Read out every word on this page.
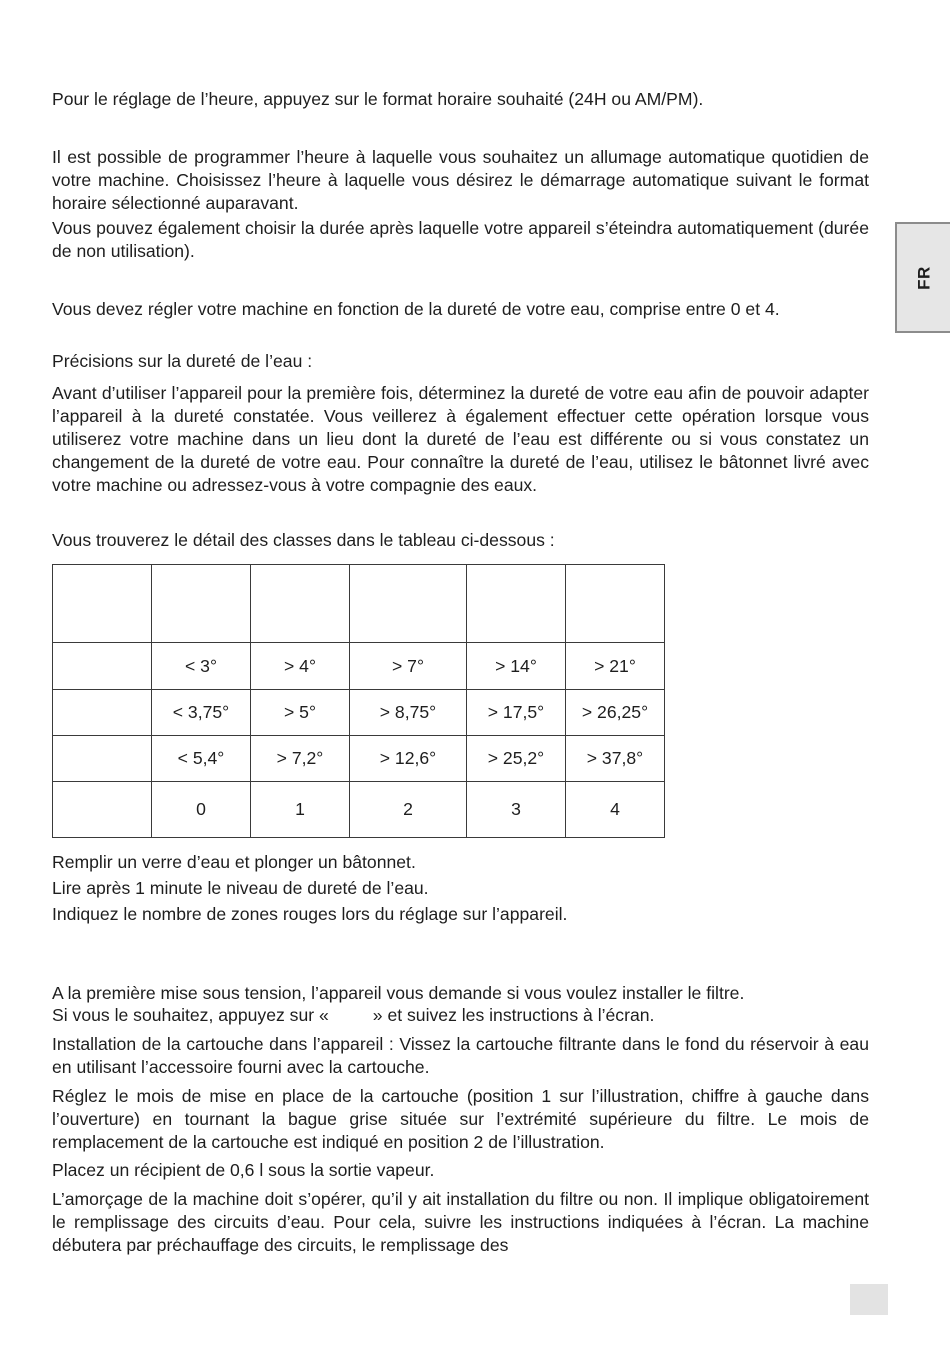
Pour le réglage de l’heure, appuyez sur le format horaire souhaité (24H ou AM/PM).

Il est possible de programmer l’heure à laquelle vous souhaitez un allumage automatique quotidien de votre machine. Choisissez l’heure à laquelle vous désirez le démarrage automatique suivant le format horaire sélectionné auparavant.

Vous pouvez également choisir la durée après laquelle votre appareil s’éteindra automatiquement (durée de non utilisation).

Vous devez régler votre machine en fonction de la dureté de votre eau, comprise entre 0 et 4.

Précisions sur la dureté de l’eau :

Avant d’utiliser l’appareil pour la première fois, déterminez la dureté de votre eau afin de pouvoir adapter l’appareil à la dureté constatée. Vous veillerez à également effectuer cette opération lorsque vous utiliserez votre machine dans un lieu dont la dureté de l’eau est différente ou si vous constatez un changement de la dureté de votre eau. Pour connaître la dureté de l’eau, utilisez le bâtonnet livré avec votre machine ou adressez-vous à votre compagnie des eaux.

Vous trouverez le détail des classes dans le tableau ci-dessous :

	< 3°	> 4°	> 7°	> 14°	> 21°
	< 3,75°	> 5°	> 8,75°	> 17,5°	> 26,25°
	< 5,4°	> 7,2°	> 12,6°	> 25,2°	> 37,8°
	0	1	2	3	4

Remplir un verre d’eau et plonger un bâtonnet.

Lire après 1 minute le niveau de dureté de l’eau.

Indiquez le nombre de zones rouges lors du réglage sur l’appareil.

A la première mise sous tension, l’appareil vous demande si vous voulez installer le filtre.

Si vous le souhaitez, appuyez sur «	» et suivez les instructions à l’écran.

Installation de la cartouche dans l’appareil : Vissez la cartouche filtrante dans le fond du réservoir à eau en utilisant l’accessoire fourni avec la cartouche.

Réglez le mois de mise en place de la cartouche (position 1 sur l’illustration, chiffre à gauche dans l’ouverture) en tournant la bague grise située sur l’extrémité supérieure du filtre. Le mois de remplacement de la cartouche est indiqué en position 2 de l’illustration.

Placez un récipient de 0,6 l sous la sortie vapeur.

L’amorçage de la machine doit s’opérer, qu’il y ait installation du filtre ou non. Il implique obligatoirement le remplissage des circuits d’eau. Pour cela, suivre les instructions indiquées à l’écran. La machine débutera par préchauffage des circuits, le remplissage des

FR
